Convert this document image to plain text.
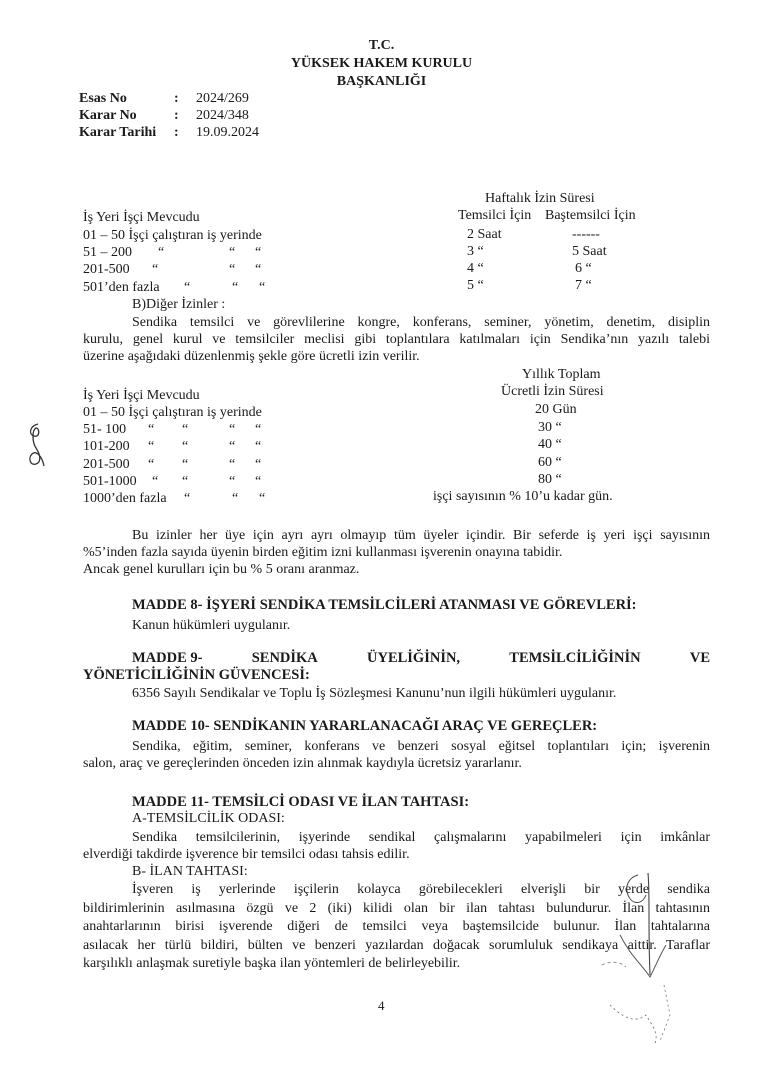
T.C.
YÜKSEK HAKEM KURULU
BAŞKANLIĞI
Esas No	: 2024/269
Karar No	: 2024/348
Karar Tarihi : 19.09.2024
Haftalık İzin Süresi
Temsilci İçin Baştemsilci İçin
İş Yeri İşçi Mevcudu
01 – 50 İşçi çalıştıran iş yerinde	2 Saat	------
51 – 200 “	“ “	3 “	5 Saat
201-500 “	“ “	4 “	6 “
501’den fazla “	“ “	5 “	7 “
B)Diğer İzinler :
Sendika temsilci ve görevlilerine kongre, konferans, seminer, yönetim, denetim, disiplin
kurulu, genel kurul ve temsilciler meclisi gibi toplantılara katılmaları için Sendika’nın yazılı talebi
üzerine aşağıdaki düzenlenmiş şekle göre ücretli izin verilir.
Yıllık Toplam
Ücretli İzin Süresi
İş Yeri İşçi Mevcudu
01 – 50 İşçi çalıştıran iş yerinde	20 Gün
51- 100 “ “	“ “	30 “
101-200 “ “	“ “	40 “
201-500 “ “	“ “	60 “
501-1000 “ “	“ “	80 “
1000’den fazla “	“ “	işçi sayısının % 10’u kadar gün.
Bu izinler her üye için ayrı ayrı olmayıp tüm üyeler içindir. Bir seferde iş yeri işçi sayısının
%5’inden fazla sayıda üyenin birden eğitim izni kullanması işverenin onayına tabidir.
Ancak genel kurulları için bu % 5 oranı aranmaz.
MADDE 8- İŞYERİ SENDİKA TEMSİLCİLERİ ATANMASI VE GÖREVLERİ:
Kanun hükümleri uygulanır.
MADDE 9-	SENDİKA	ÜYELİĞİNİN,	TEMSİLCİLİĞİNİN	VE
YÖNETİCİLİĞİNİN GÜVENCESİ:
6356 Sayılı Sendikalar ve Toplu İş Sözleşmesi Kanunu’nun ilgili hükümleri uygulanır.
MADDE 10- SENDİKANIN YARARLANACAĞI ARAÇ VE GEREÇLER:
Sendika, eğitim, seminer, konferans ve benzeri sosyal eğitsel toplantıları için; işverenin
salon, araç ve gereçlerinden önceden izin alınmak kaydıyla ücretsiz yararlanır.
MADDE 11- TEMSİLCİ ODASI VE İLAN TAHTASI:
A-TEMSİLCİLİK ODASI:
Sendika temsilcilerinin, işyerinde sendikal çalışmalarını yapabilmeleri için imkânlar
elverdiği takdirde işverence bir temsilci odası tahsis edilir.
B- İLAN TAHTASI:
İşveren iş yerlerinde işçilerin kolayca görebilecekleri elverişli bir yerde sendika
bildirimlerinin asılmasına özgü ve 2 (iki) kilidi olan bir ilan tahtası bulundurur. İlan tahtasının
anahtarlarının birisi işverende diğeri de temsilci veya baştemsilcide bulunur. İlan tahtalarına
asılacak her türlü bildiri, bülten ve benzeri yazılardan doğacak sorumluluk sendikaya aittir. Taraflar
karşılıklı anlaşmak suretiyle başka ilan yöntemleri de belirleyebilir.
4
